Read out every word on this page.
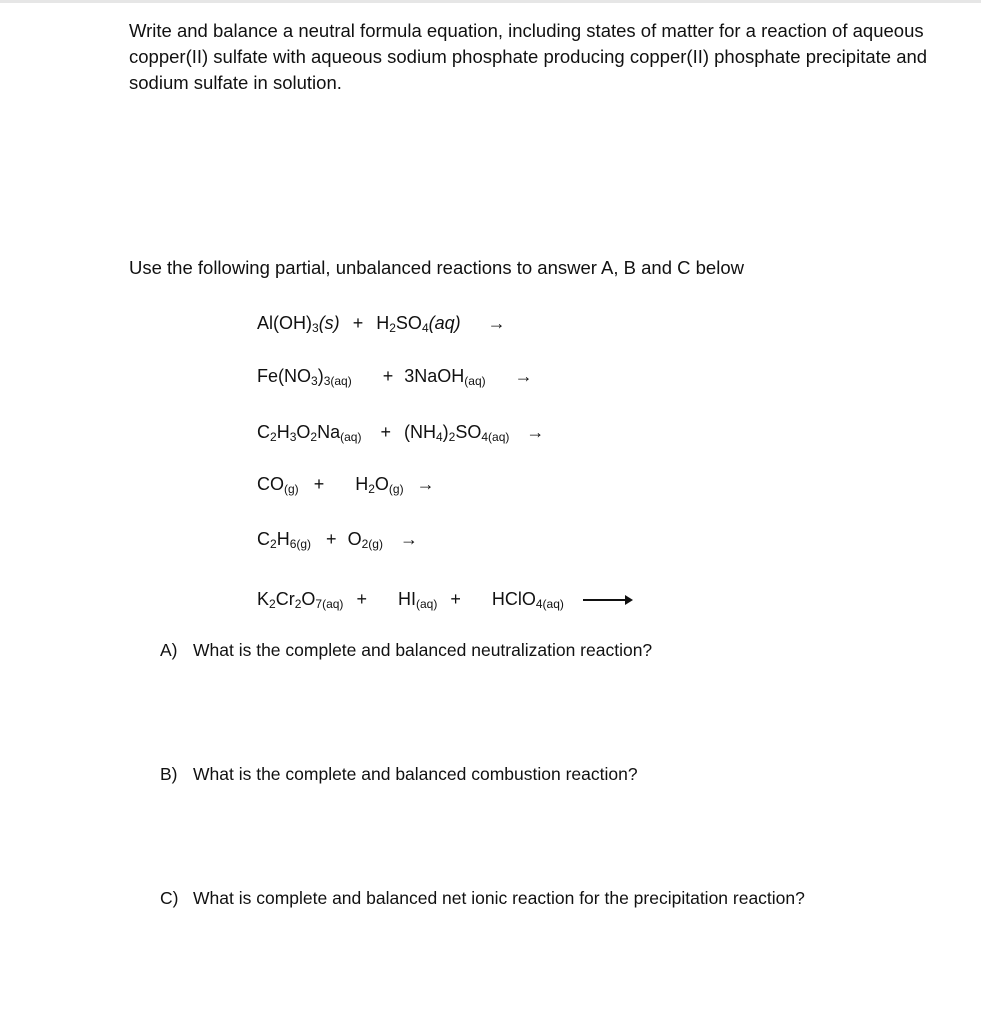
Write and balance a neutral formula equation, including states of matter for a reaction of aqueous copper(II) sulfate with aqueous sodium phosphate producing copper(II) phosphate precipitate and sodium sulfate in solution.
Use the following partial, unbalanced reactions to answer A, B and C below
$Al(OH)_3(s) + H_2SO_4(aq)$ →
$Fe(NO_3)_{3(aq)}$ + 3NaOH$_{(aq)}$ →
$C_2H_3O_2Na_{(aq)} + (NH_4)_2SO_{4(aq)}$ →
$CO_{(g)} + H_2O_{(g)}$ →
$C_2H_{6(g)} + O_{2(g)}$ →
$K_2Cr_2O_{7(aq)} + HI_{(aq)}$ + HClO$_{4(aq)}$
A) What is the complete and balanced neutralization reaction?
B) What is the complete and balanced combustion reaction?
C) What is complete and balanced net ionic reaction for the precipitation reaction?
